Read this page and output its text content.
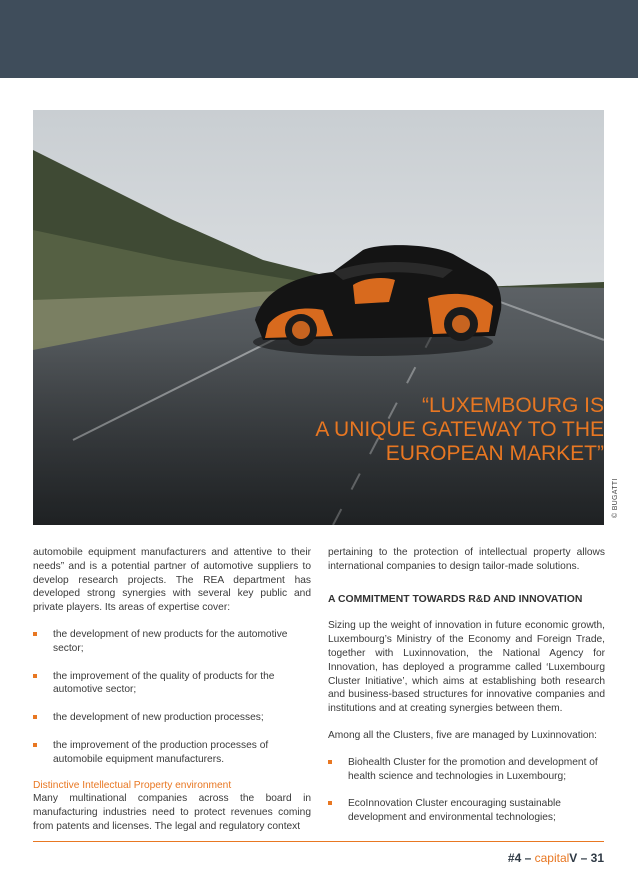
“LUXEMBOURG IS
A UNIQUE GATEWAY TO THE
EUROPEAN MARKET”
© BUGATTI

automobile equipment manufacturers and attentive to their needs” and is a potential partner of automotive suppliers to develop research projects. The REA department has developed strong synergies with several key public and private players. Its areas of expertise cover:

the development of new products for the automotive sector;
the improvement of the quality of products for the automotive sector;
the development of new production processes;
the improvement of the production processes of automobile equipment manufacturers.

Distinctive Intellectual Property environment

Many multinational companies across the board in manufacturing industries need to protect revenues coming from patents and licenses. The legal and regulatory context

pertaining to the protection of intellectual property allows international companies to design tailor-made solutions.

A COMMITMENT TOWARDS R&D AND INNOVATION

Sizing up the weight of innovation in future economic growth, Luxembourg’s Ministry of the Economy and Foreign Trade, together with Luxinnovation, the National Agency for Innovation, has deployed a programme called ‘Luxembourg Cluster Initiative’, which aims at establishing both research and business-based structures for innovative companies and institutions and at creating synergies between them.

Among all the Clusters, five are managed by Luxinnovation:

Biohealth Cluster for the promotion and development of health science and technologies in Luxembourg;
EcoInnovation Cluster encouraging sustainable development and environmental technologies;
#4 – capitalV – 31
